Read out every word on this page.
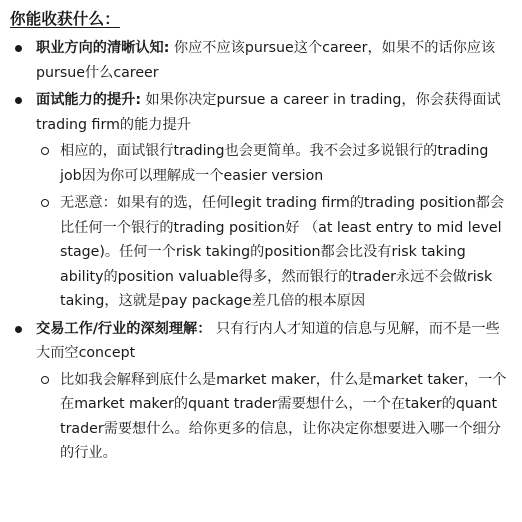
你能收获什么：
职业方向的清晰认知: 你应不应该pursue这个career，如果不的话你应该pursue什么career
面试能力的提升: 如果你决定pursue a career in trading，你会获得面试trading firm的能力提升
相应的，面试银行trading也会更简单。我不会过多说银行的trading job因为你可以理解成一个easier version
无恶意：如果有的选，任何legit trading firm的trading position都会比任何一个银行的trading position好 （at least entry to mid level stage)。任何一个risk taking的position都会比没有risk taking ability的position valuable得多，然而银行的trader永远不会做risk taking，这就是pay package差几倍的根本原因
交易工作/行业的深刻理解： 只有行内人才知道的信息与见解，而不是一些大而空concept
比如我会解释到底什么是market maker，什么是market taker，一个在market maker的quant trader需要想什么，一个在taker的quant trader需要想什么。给你更多的信息，让你决定你想要进入哪一个细分的行业。
